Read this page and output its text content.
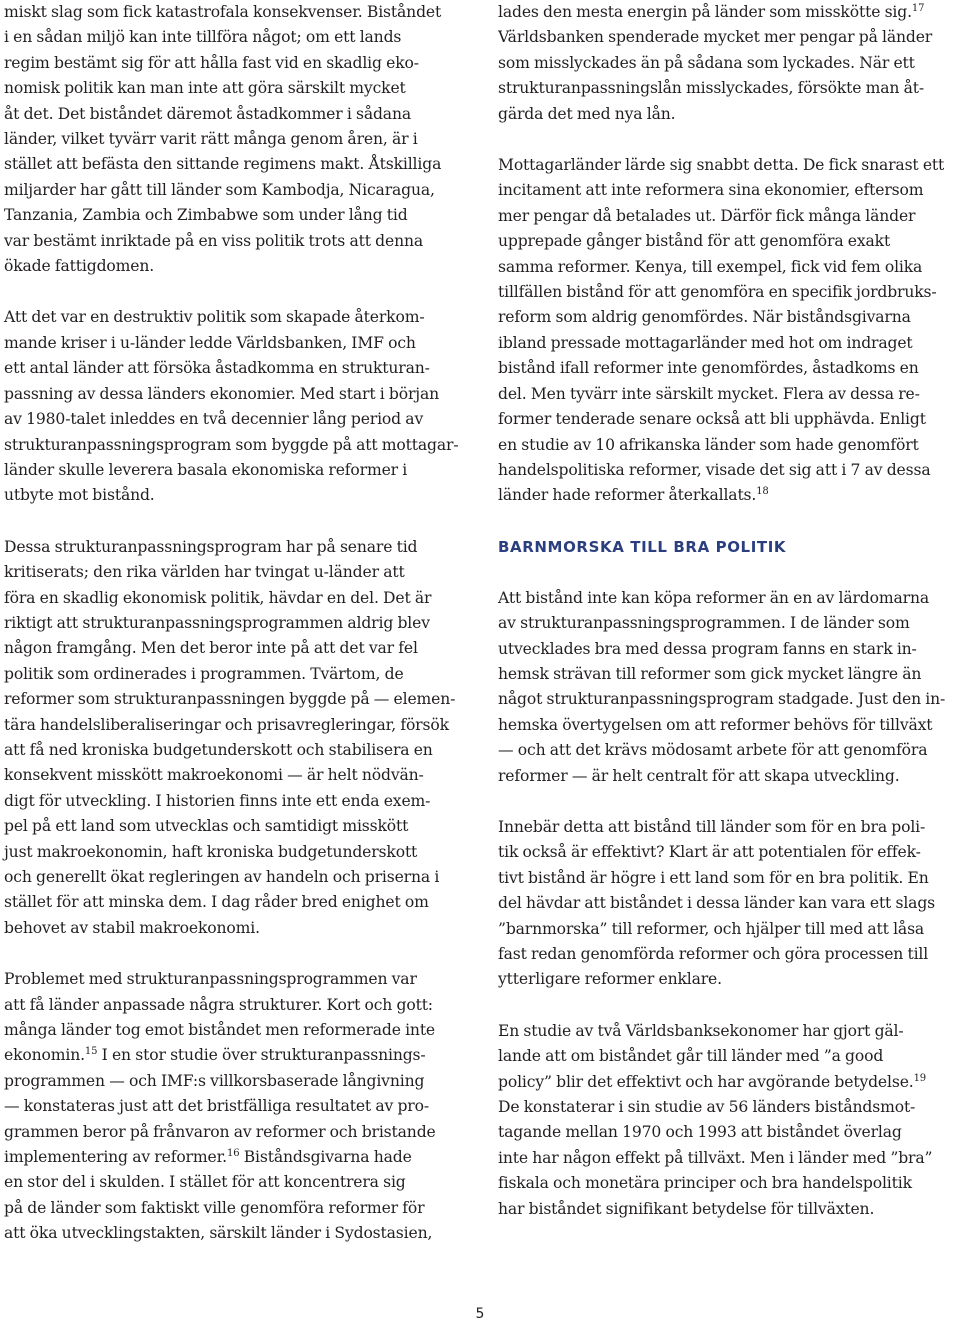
miskt slag som fick katastrofala konsekvenser. Biståndet
i en sådan miljö kan inte tillföra något; om ett lands
regim bestämt sig för att hålla fast vid en skadlig eko-
nomisk politik kan man inte att göra särskilt mycket
åt det. Det biståndet däremot åstadkommer i sådana
länder, vilket tyvärr varit rätt många genom åren, är i
stället att befästa den sittande regimens makt. Åtskilliga
miljarder har gått till länder som Kambodja, Nicaragua,
Tanzania, Zambia och Zimbabwe som under lång tid
var bestämt inriktade på en viss politik trots att denna
ökade fattigdomen.

Att det var en destruktiv politik som skapade återkom-
mande kriser i u-länder ledde Världsbanken, IMF och
ett antal länder att försöka åstadkomma en strukturan-
passning av dessa länders ekonomier. Med start i början
av 1980-talet inleddes en två decennier lång period av
strukturanpassningsprogram som byggde på att mottagar-
länder skulle leverera basala ekonomiska reformer i
utbyte mot bistånd.

Dessa strukturanpassningsprogram har på senare tid
kritiserats; den rika världen har tvingat u-länder att
föra en skadlig ekonomisk politik, hävdar en del. Det är
riktigt att strukturanpassningsprogrammen aldrig blev
någon framgång. Men det beror inte på att det var fel
politik som ordinerades i programmen. Tvärtom, de
reformer som strukturanpassningen byggde på — elemen-
tära handelsliberaliseringar och prisavregleringar, försök
att få ned kroniska budgetunderskott och stabilisera en
konsekvent misskött makroekonomi — är helt nödvän-
digt för utveckling. I historien finns inte ett enda exem-
pel på ett land som utvecklas och samtidigt misskött
just makroekonomin, haft kroniska budgetunderskott
och generellt ökat regleringen av handeln och priserna i
stället för att minska dem. I dag råder bred enighet om
behovet av stabil makroekonomi.

Problemet med strukturanpassningsprogrammen var
att få länder anpassade några strukturer. Kort och gott:
många länder tog emot biståndet men reformerade inte
ekonomin.$^{15}$ I en stor studie över strukturanpassnings-
programmen — och IMF:s villkorsbaserade långivning
— konstateras just att det bristfälliga resultatet av pro-
grammen beror på frånvaron av reformer och bristande
implementering av reformer.$^{16}$ Biståndsgivarna hade
en stor del i skulden. I stället för att koncentrera sig
på de länder som faktiskt ville genomföra reformer för
att öka utvecklingstakten, särskilt länder i Sydostasien,

lades den mesta energin på länder som misskötte sig.$^{17}$
Världsbanken spenderade mycket mer pengar på länder
som misslyckades än på sådana som lyckades. När ett
strukturanpassningslån misslyckades, försökte man åt-
gärda det med nya lån.

Mottagarländer lärde sig snabbt detta. De fick snarast ett
incitament att inte reformera sina ekonomier, eftersom
mer pengar då betalades ut. Därför fick många länder
upprepade gånger bistånd för att genomföra exakt
samma reformer. Kenya, till exempel, fick vid fem olika
tillfällen bistånd för att genomföra en specifik jordbruks-
reform som aldrig genomfördes. När biståndsgivarna
ibland pressade mottagarländer med hot om indraget
bistånd ifall reformer inte genomfördes, åstadkoms en
del. Men tyvärr inte särskilt mycket. Flera av dessa re-
former tenderade senare också att bli upphävda. Enligt
en studie av 10 afrikanska länder som hade genomfört
handelspolitiska reformer, visade det sig att i 7 av dessa
länder hade reformer återkallats.$^{18}$

BARNMORSKA TILL BRA POLITIK

Att bistånd inte kan köpa reformer än en av lärdomarna
av strukturanpassningsprogrammen. I de länder som
utvecklades bra med dessa program fanns en stark in-
hemsk strävan till reformer som gick mycket längre än
något strukturanpassningsprogram stadgade. Just den in-
hemska övertygelsen om att reformer behövs för tillväxt
— och att det krävs mödosamt arbete för att genomföra
reformer — är helt centralt för att skapa utveckling.

Innebär detta att bistånd till länder som för en bra poli-
tik också är effektivt? Klart är att potentialen för effek-
tivt bistånd är högre i ett land som för en bra politik. En
del hävdar att biståndet i dessa länder kan vara ett slags
”barnmorska” till reformer, och hjälper till med att låsa
fast redan genomförda reformer och göra processen till
ytterligare reformer enklare.

En studie av två Världsbanksekonomer har gjort gäl-
lande att om biståndet går till länder med ”a good
policy” blir det effektivt och har avgörande betydelse.$^{19}$
De konstaterar i sin studie av 56 länders biståndsmot-
tagande mellan 1970 och 1993 att biståndet överlag
inte har någon effekt på tillväxt. Men i länder med ”bra”
fiskala och monetära principer och bra handelspolitik
har biståndet signifikant betydelse för tillväxten.

5
